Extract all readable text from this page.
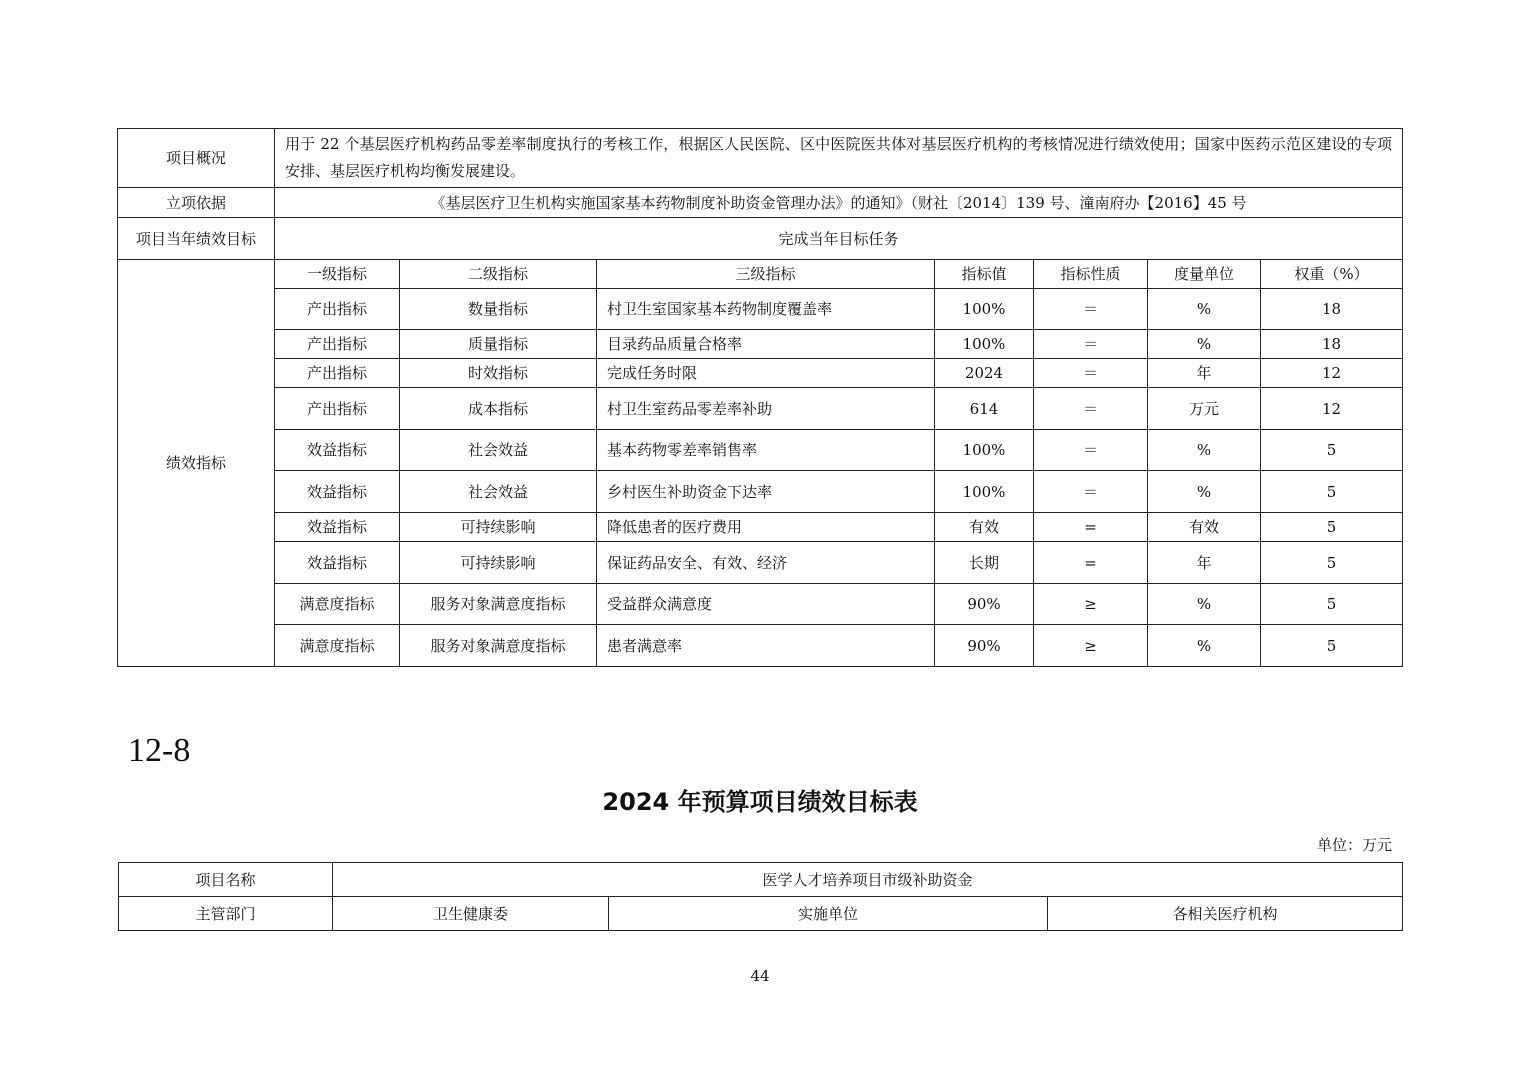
项目概况	用于 22 个基层医疗机构药品零差率制度执行的考核工作，根据区人民医院、区中医院医共体对基层医疗机构的考核情况进行绩效使用；国家中医药示范区建设的专项安排、基层医疗机构均衡发展建设。						
立项依据	《基层医疗卫生机构实施国家基本药物制度补助资金管理办法》的通知》（财社〔2014〕139 号、潼南府办【2016】45 号						
项目当年绩效目标	完成当年目标任务						
绩效指标	一级指标	二级指标	三级指标	指标值	指标性质	度量单位	权重（%）
	产出指标	数量指标	村卫生室国家基本药物制度覆盖率	100%	＝	%	18
	产出指标	质量指标	目录药品质量合格率	100%	＝	%	18
	产出指标	时效指标	完成任务时限	2024	＝	年	12
	产出指标	成本指标	村卫生室药品零差率补助	614	＝	万元	12
	效益指标	社会效益	基本药物零差率销售率	100%	＝	%	5
	效益指标	社会效益	乡村医生补助资金下达率	100%	＝	%	5
	效益指标	可持续影响	降低患者的医疗费用	有效	=	有效	5
	效益指标	可持续影响	保证药品安全、有效、经济	长期	=	年	5
	满意度指标	服务对象满意度指标	受益群众满意度	90%	≥	%	5
	满意度指标	服务对象满意度指标	患者满意率	90%	≥	%	5
12-8
2024 年预算项目绩效目标表
单位：万元
项目名称	医学人才培养项目市级补助资金		
主管部门	卫生健康委	实施单位	各相关医疗机构
44
